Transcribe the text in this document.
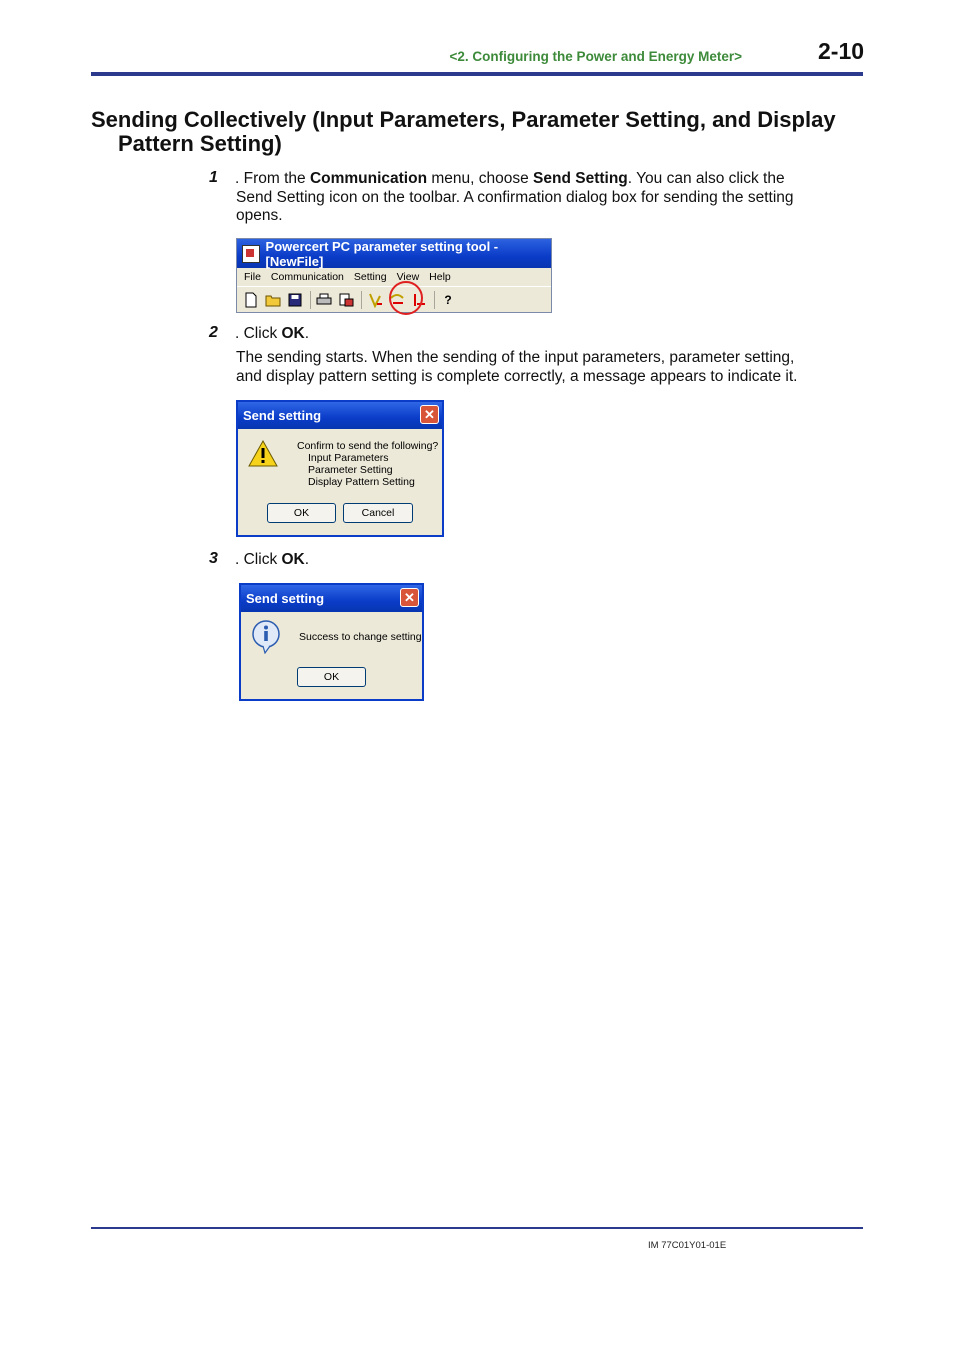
<2. Configuring the Power and Energy Meter>	2-10
Sending Collectively (Input Parameters, Parameter Setting, and Display
Pattern Setting)
1 . From the Communication menu, choose Send Setting. You can also click the
Send Setting icon on the toolbar. A confirmation dialog box for sending the setting
opens.
Powercert PC parameter setting tool - [NewFile]
File Communication Setting View Help
?
2 . Click OK.
The sending starts. When the sending of the input parameters, parameter setting,
and display pattern setting is complete correctly, a message appears to indicate it.
Send setting	✕
Confirm to send the following?
Input Parameters
Parameter Setting
Display Pattern Setting
OK	Cancel
3 . Click OK.
Send setting	✕
Success to change setting
OK
IM 77C01Y01-01E
